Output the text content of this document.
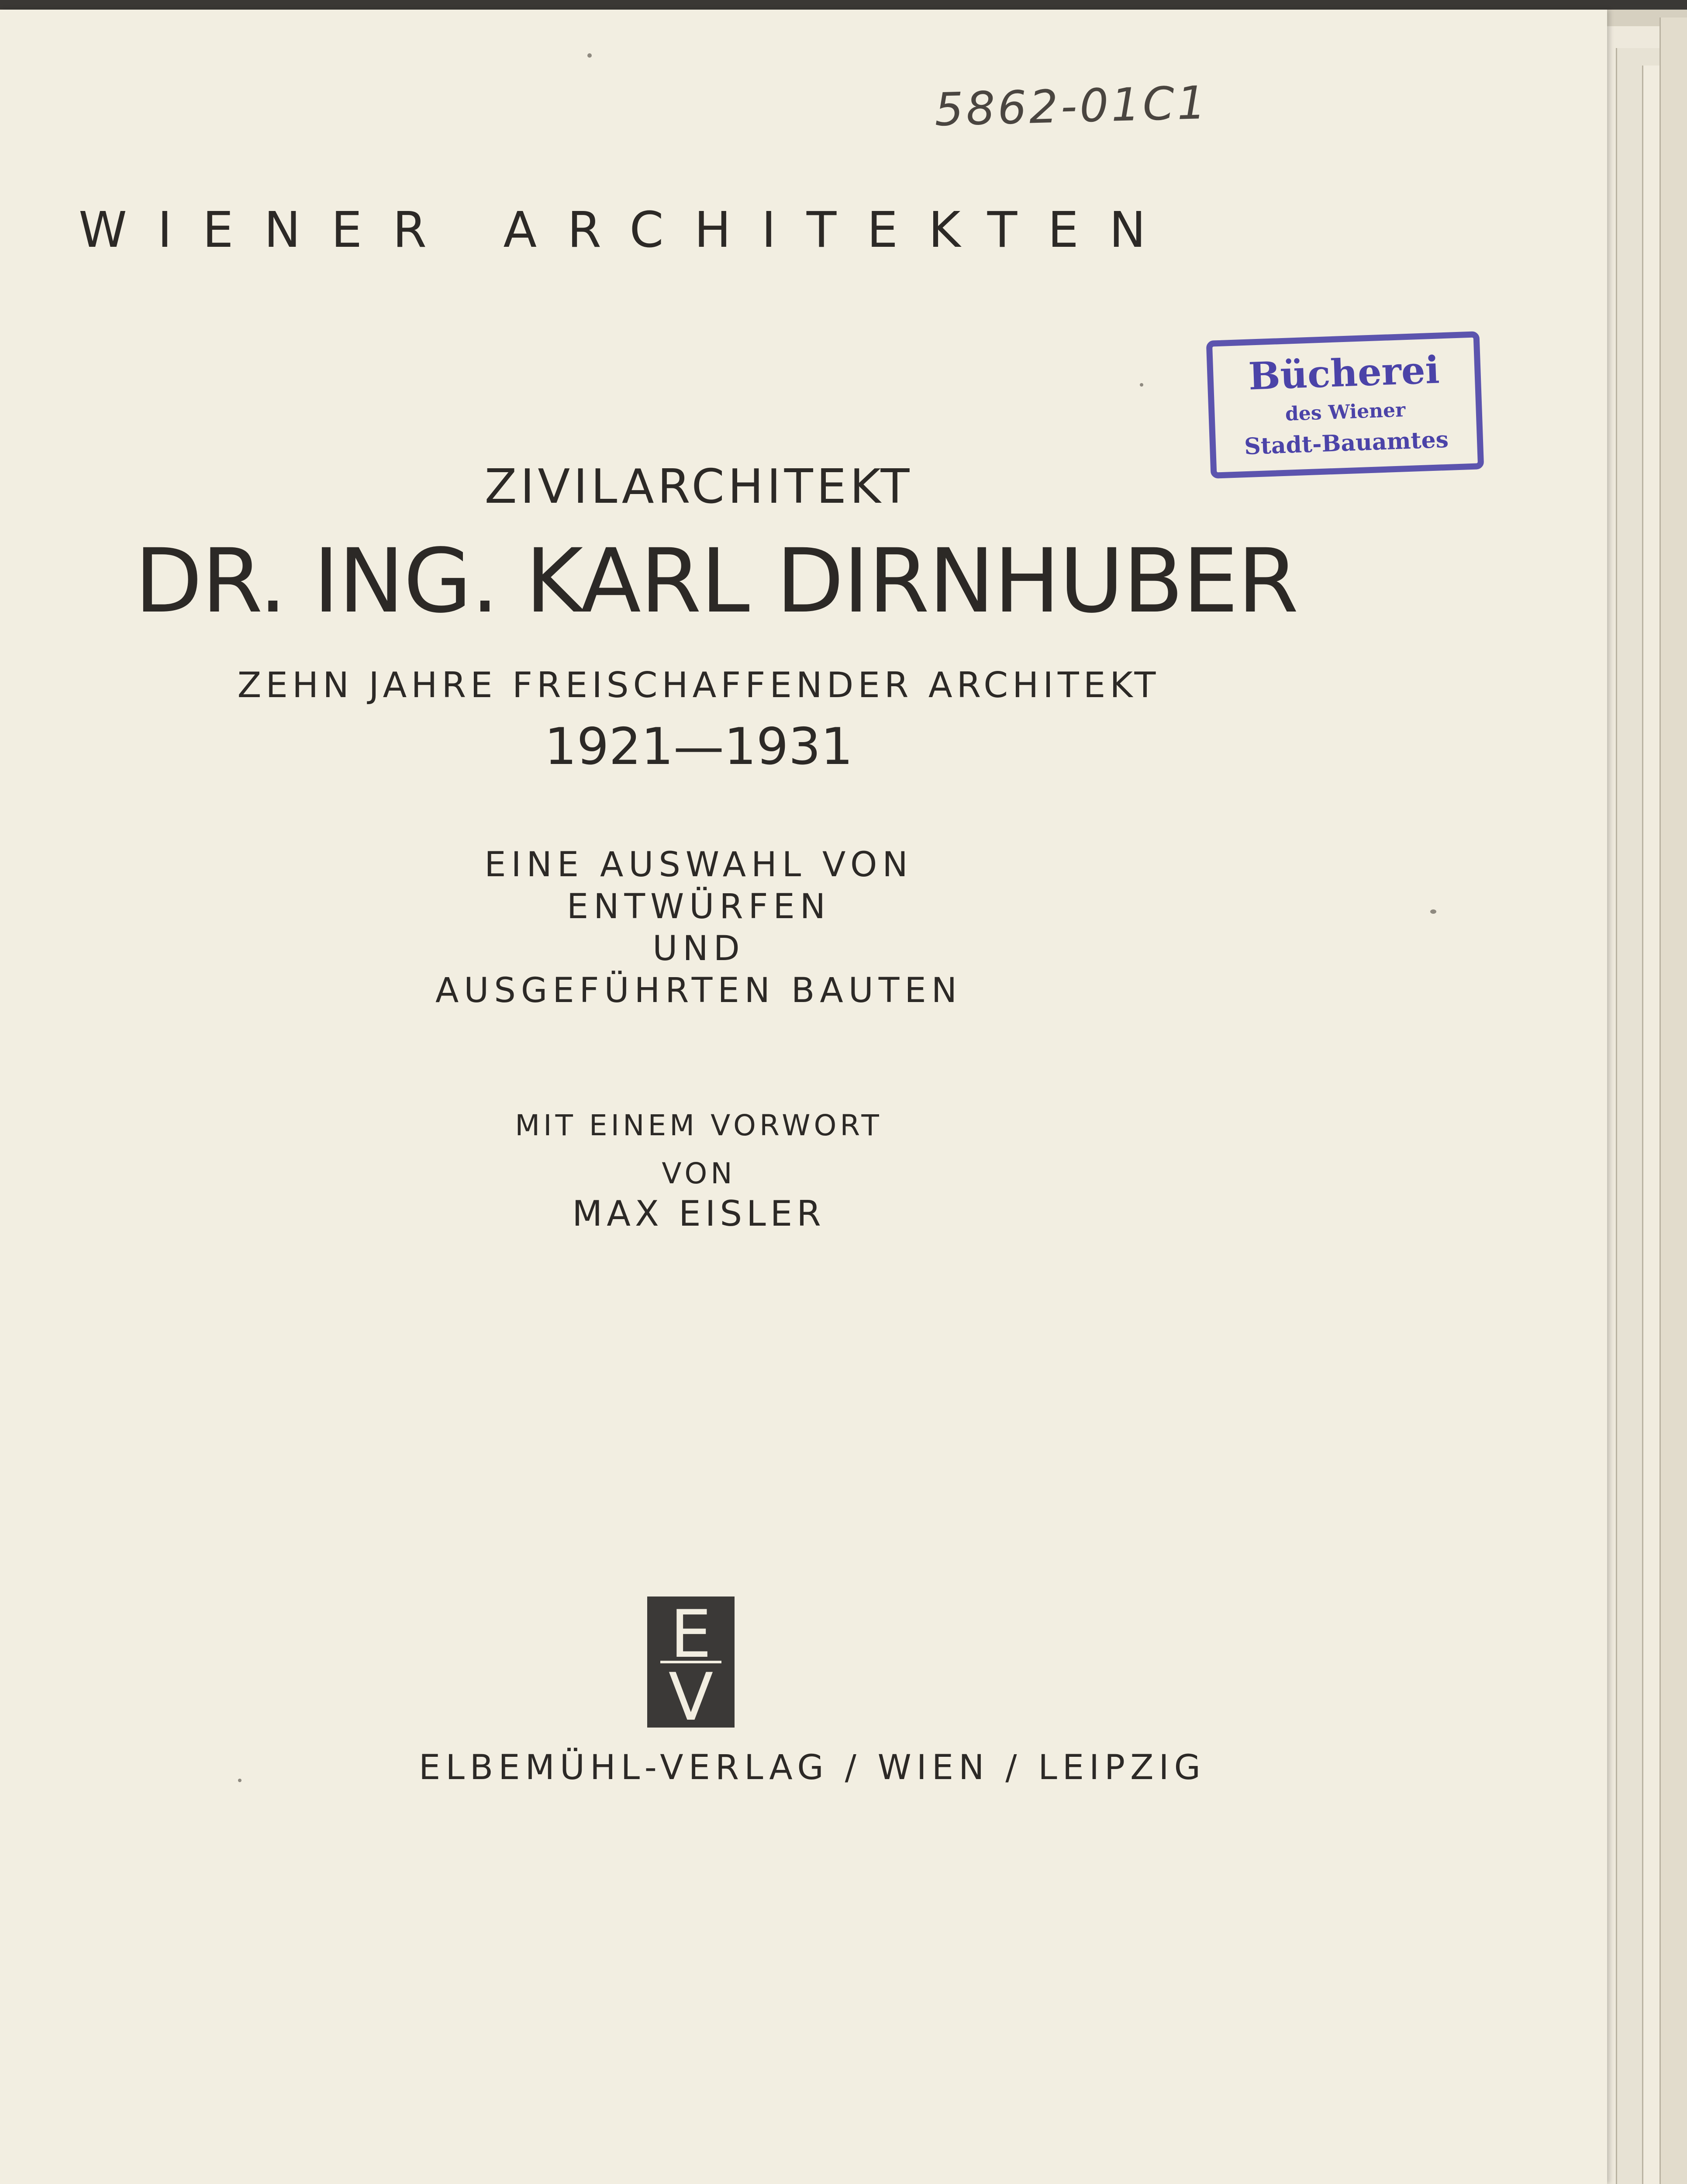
5862-01C1
Bücherei
des Wiener
Stadt-Bauamtes
WIENER ARCHITEKTEN
ZIVILARCHITEKT
DR. ING. KARL DIRNHUBER
ZEHN JAHRE FREISCHAFFENDER ARCHITEKT
1921—1931
EINE AUSWAHL VON
ENTWÜRFEN
UND
AUSGEFÜHRTEN BAUTEN
MIT EINEM VORWORT
VON
MAX EISLER
E
V
ELBEMÜHL-VERLAG / WIEN / LEIPZIG
